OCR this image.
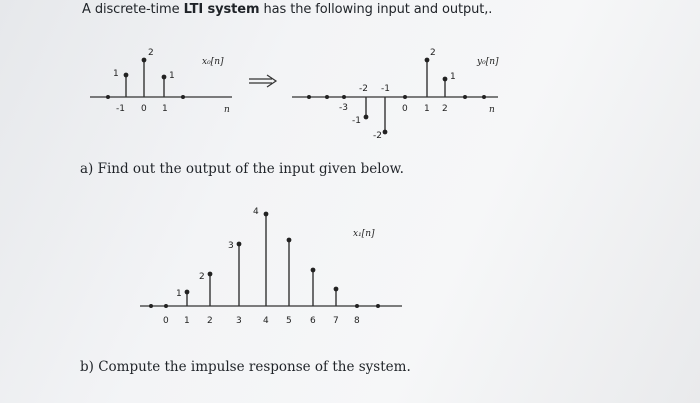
A discrete-time LTI system has the following input and output,.
1
2
1
-1 0 1
x₀[n]
n	-3
-1
-2
2
1
-2 -1
0 1 2
y₀[n]
n
1
2
3
4
0 1 2	3 4 5 6 7 8
x₁[n]
a) Find out the output of the input given below.
b) Compute the impulse response of the system.
